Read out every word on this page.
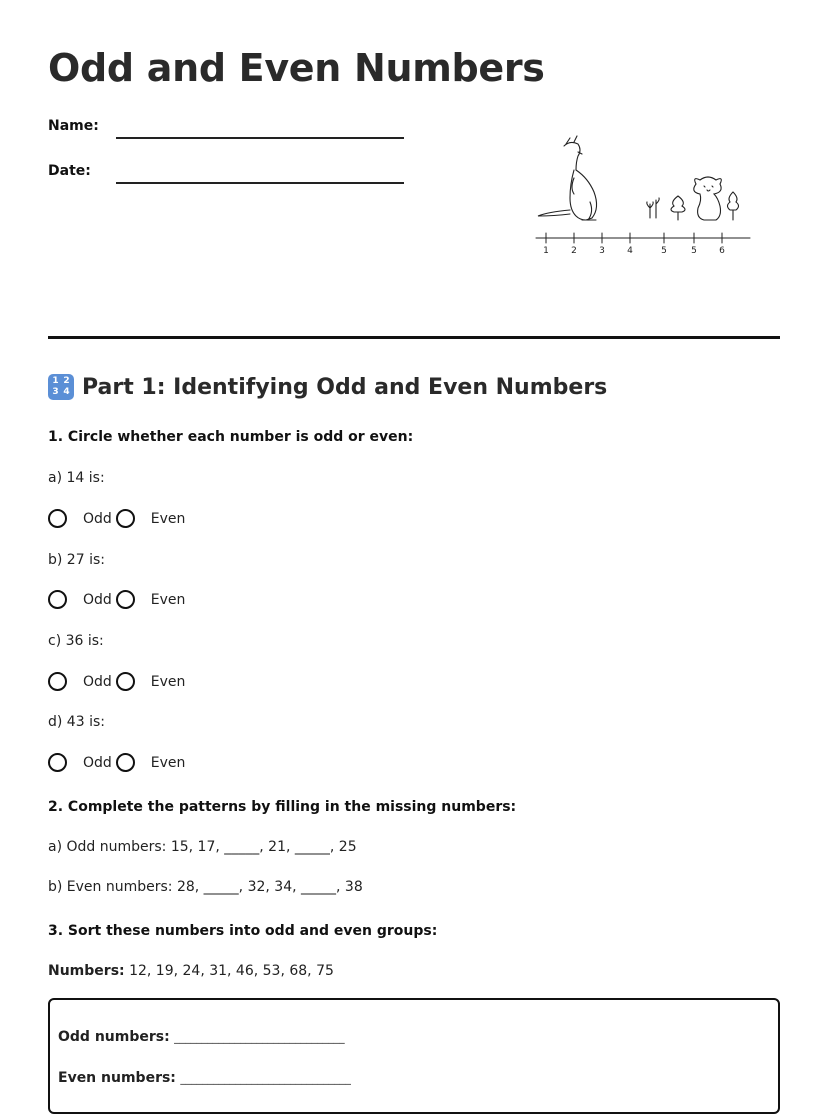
Odd and Even Numbers
Name:
Date:
1 2 3 4	5	5 6
1 2
3 4 Part 1: Identifying Odd and Even Numbers
1. Circle whether each number is odd or even:
a) 14 is:
Odd	Even
b) 27 is:
Odd	Even
c) 36 is:
Odd	Even
d) 43 is:
Odd	Even
2. Complete the patterns by filling in the missing numbers:
a) Odd numbers: 15, 17, _____, 21, _____, 25
b) Even numbers: 28, _____, 32, 34, _____, 38
3. Sort these numbers into odd and even groups:
Numbers: 12, 19, 24, 31, 46, 53, 68, 75
Odd numbers: _______________________________
Even numbers: _______________________________
